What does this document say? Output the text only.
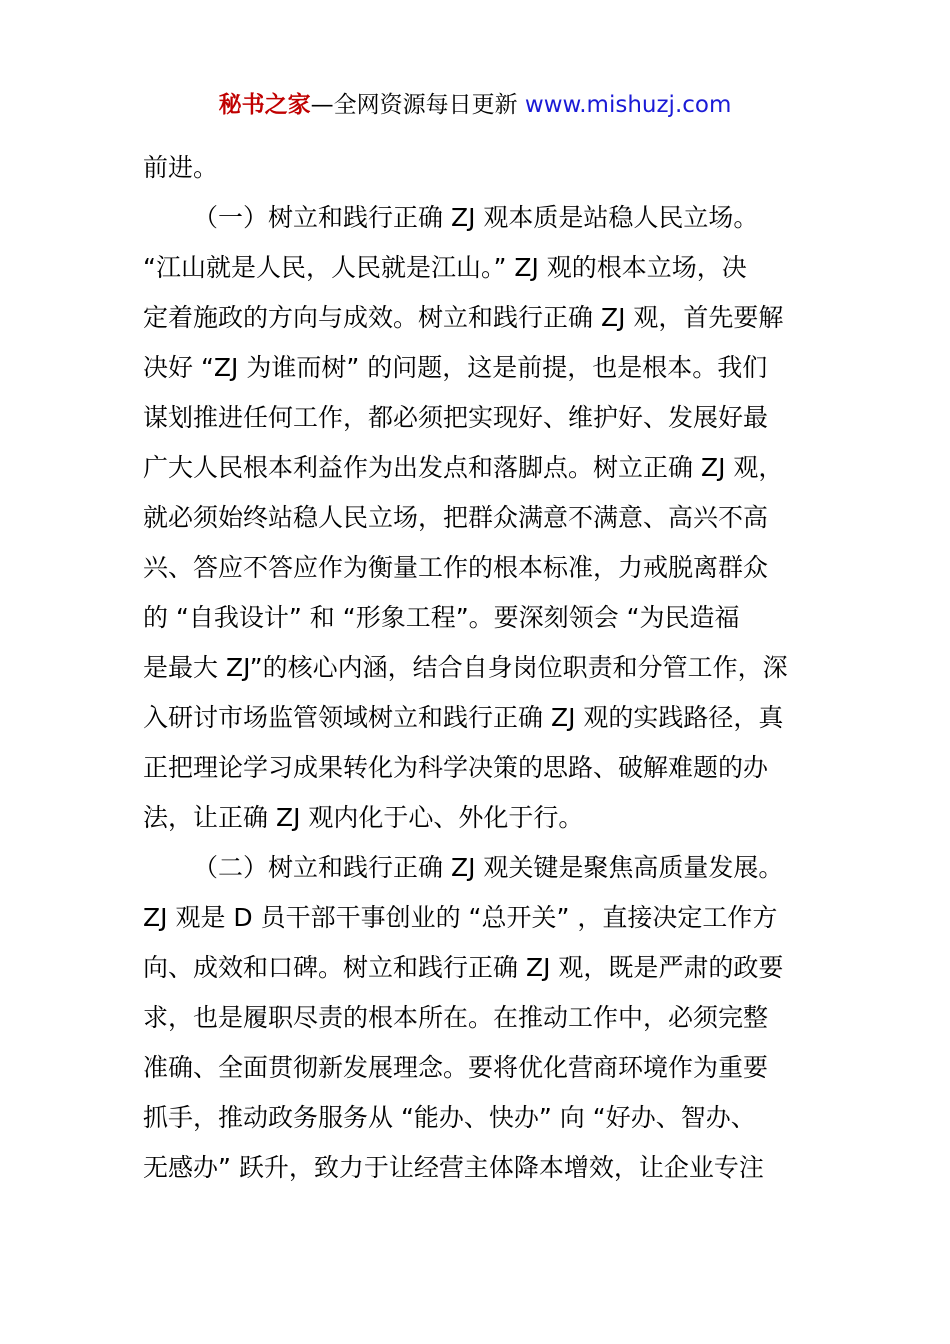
秘书之家—全网资源每日更新 www.mishuzj.com
前进。
（一）树立和践行正确 ZJ 观本质是站稳人民立场。
“江山就是人民，人民就是江山。” ZJ 观的根本立场，决
定着施政的方向与成效。树立和践行正确 ZJ 观，首先要解
决好 “ZJ 为谁而树” 的问题，这是前提，也是根本。我们
谋划推进任何工作，都必须把实现好、维护好、发展好最
广大人民根本利益作为出发点和落脚点。树立正确 ZJ 观，
就必须始终站稳人民立场，把群众满意不满意、高兴不高
兴、答应不答应作为衡量工作的根本标准，力戒脱离群众
的 “自我设计” 和 “形象工程”。要深刻领会 “为民造福
是最大 ZJ”的核心内涵，结合自身岗位职责和分管工作，深
入研讨市场监管领域树立和践行正确 ZJ 观的实践路径，真
正把理论学习成果转化为科学决策的思路、破解难题的办
法，让正确 ZJ 观内化于心、外化于行。
（二）树立和践行正确 ZJ 观关键是聚焦高质量发展。
ZJ 观是 D 员干部干事创业的 “总开关” ，直接决定工作方
向、成效和口碑。树立和践行正确 ZJ 观，既是严肃的政要
求，也是履职尽责的根本所在。在推动工作中，必须完整
准确、全面贯彻新发展理念。要将优化营商环境作为重要
抓手，推动政务服务从 “能办、快办” 向 “好办、智办、
无感办” 跃升，致力于让经营主体降本增效，让企业专注
